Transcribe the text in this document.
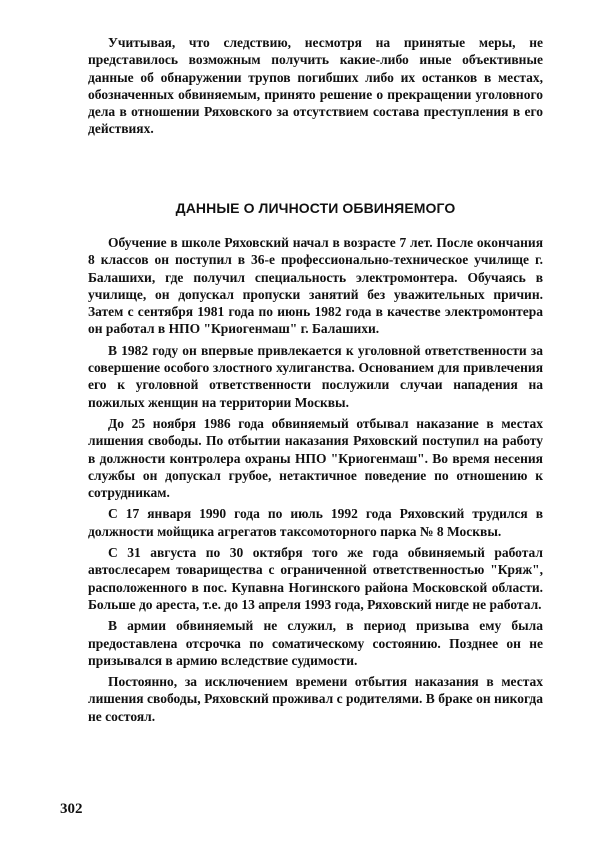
Учитывая, что следствию, несмотря на принятые меры, не представилось возможным получить какие-либо иные объективные данные об обнаружении трупов погибших либо их останков в местах, обозначенных обвиняемым, принято решение о прекращении уголовного дела в отношении Ряховского за отсутствием состава преступления в его действиях.

ДАННЫЕ О ЛИЧНОСТИ ОБВИНЯЕМОГО

Обучение в школе Ряховский начал в возрасте 7 лет. После окончания 8 классов он поступил в 36-е профессионально-техническое училище г. Балашихи, где получил специальность электромонтера. Обучаясь в училище, он допускал пропуски занятий без уважительных причин. Затем с сентября 1981 года по июнь 1982 года в качестве электромонтера он работал в НПО "Криогенмаш" г. Балашихи.

В 1982 году он впервые привлекается к уголовной ответственности за совершение особого злостного хулиганства. Основанием для привлечения его к уголовной ответственности послужили случаи нападения на пожилых женщин на территории Москвы.

До 25 ноября 1986 года обвиняемый отбывал наказание в местах лишения свободы. По отбытии наказания Ряховский поступил на работу в должности контролера охраны НПО "Криогенмаш". Во время несения службы он допускал грубое, нетактичное поведение по отношению к сотрудникам.

С 17 января 1990 года по июль 1992 года Ряховский трудился в должности мойщика агрегатов таксомоторного парка № 8 Москвы.

С 31 августа по 30 октября того же года обвиняемый работал автослесарем товарищества с ограниченной ответственностью "Кряж", расположенного в пос. Купавна Ногинского района Московской области. Больше до ареста, т.е. до 13 апреля 1993 года, Ряховский нигде не работал.

В армии обвиняемый не служил, в период призыва ему была предоставлена отсрочка по соматическому состоянию. Позднее он не призывался в армию вследствие судимости.

Постоянно, за исключением времени отбытия наказания в местах лишения свободы, Ряховский проживал с родителями. В браке он никогда не состоял.

302
